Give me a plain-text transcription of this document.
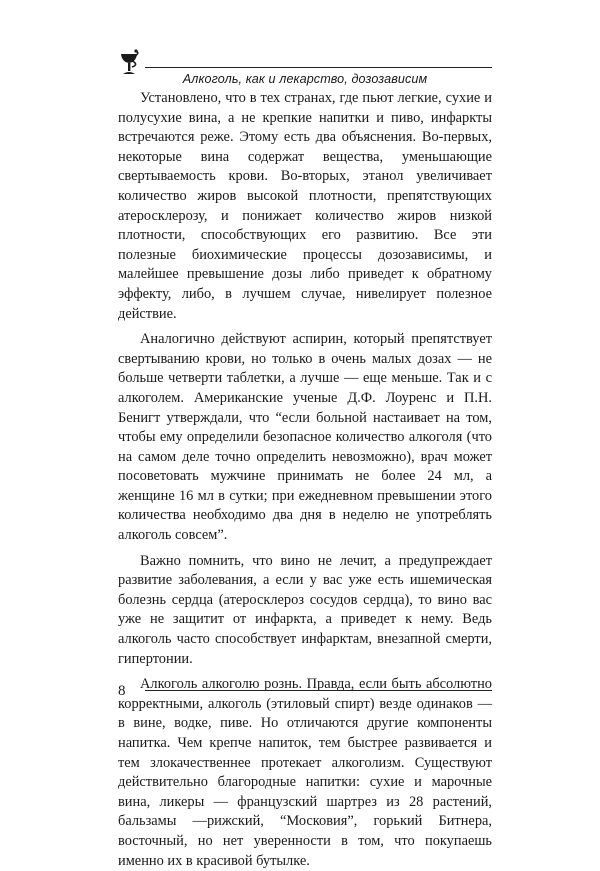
Алкоголь, как и лекарство, дозозависим

Установлено, что в тех странах, где пьют легкие, сухие и полусухие вина, а не крепкие напитки и пиво, инфаркты встречаются реже. Этому есть два объяснения. Во-первых, некоторые вина содержат вещества, уменьшающие свертываемость крови. Во-вторых, этанол увеличивает количество жиров высокой плотности, препятствующих атеросклерозу, и понижает количество жиров низкой плотности, способствующих его развитию. Все эти полезные биохимические процессы дозозависимы, и малейшее превышение дозы либо приведет к обратному эффекту, либо, в лучшем случае, нивелирует полезное действие.

Аналогично действуют аспирин, который препятствует свертыванию крови, но только в очень малых дозах — не больше четверти таблетки, а лучше — еще меньше. Так и с алкоголем. Американские ученые Д.Ф. Лоуренс и П.Н. Бенигт утверждали, что “если больной настаивает на том, чтобы ему определили безопасное количество алкоголя (что на самом деле точно определить невозможно), врач может посоветовать мужчине принимать не более 24 мл, а женщине 16 мл в сутки; при ежедневном превышении этого количества необходимо два дня в неделю не употреблять алкоголь совсем”.

Важно помнить, что вино не лечит, а предупреждает развитие заболевания, а если у вас уже есть ишемическая болезнь сердца (атеросклероз сосудов сердца), то вино вас уже не защитит от инфаркта, а приведет к нему. Ведь алкоголь часто способствует инфарктам, внезапной смерти, гипертонии.

Алкоголь алкоголю рознь. Правда, если быть абсолютно корректными, алкоголь (этиловый спирт) везде одинаков — в вине, водке, пиве. Но отличаются другие компоненты напитка. Чем крепче напиток, тем быстрее развивается и тем злокачественнее протекает алкоголизм. Существуют действительно благородные напитки: сухие и марочные вина, ликеры — французский шартрез из 28 растений, бальзамы —рижский, “Московия”, горький Битнера, восточный, но нет уверенности в том, что покупаешь именно их в красивой бутылке.

8
